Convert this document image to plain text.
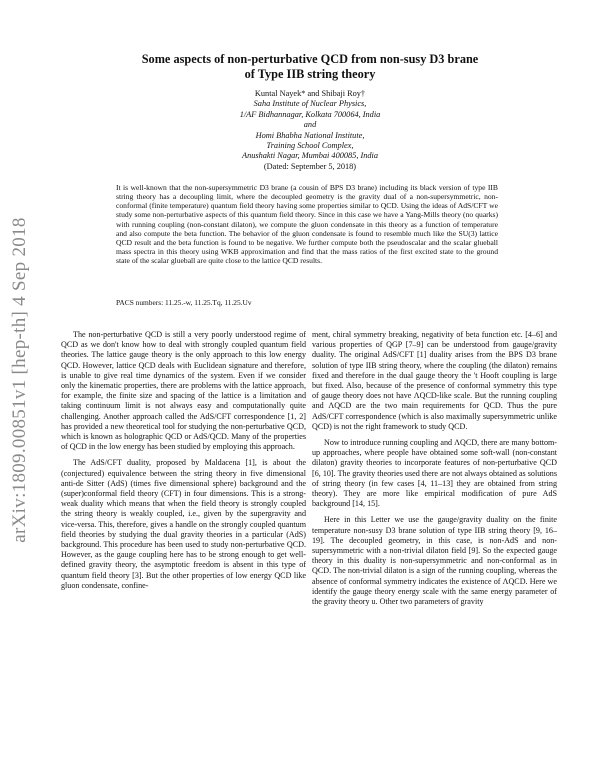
arXiv:1809.00851v1 [hep-th] 4 Sep 2018
Some aspects of non-perturbative QCD from non-susy D3 brane
of Type IIB string theory
Kuntal Nayek* and Shibaji Roy†
Saha Institute of Nuclear Physics,
1/AF Bidhannagar, Kolkata 700064, India
and
Homi Bhabha National Institute,
Training School Complex,
Anushakti Nagar, Mumbai 400085, India
(Dated: September 5, 2018)
It is well-known that the non-supersymmetric D3 brane (a cousin of BPS D3 brane) including its black version of type IIB string theory has a decoupling limit, where the decoupled geometry is the gravity dual of a non-supersymmetric, non-conformal (finite temperature) quantum field theory having some properties similar to QCD. Using the ideas of AdS/CFT we study some non-perturbative aspects of this quantum field theory. Since in this case we have a Yang-Mills theory (no quarks) with running coupling (non-constant dilaton), we compute the gluon condensate in this theory as a function of temperature and also compute the beta function. The behavior of the gluon condensate is found to resemble much like the SU(3) lattice QCD result and the beta function is found to be negative. We further compute both the pseudoscalar and the scalar glueball mass spectra in this theory using WKB approximation and find that the mass ratios of the first excited state to the ground state of the scalar glueball are quite close to the lattice QCD results.
PACS numbers: 11.25.-w, 11.25.Tq, 11.25.Uv

The non-perturbative QCD is still a very poorly understood regime of QCD as we don't know how to deal with strongly coupled quantum field theories. The lattice gauge theory is the only approach to this low energy QCD. However, lattice QCD deals with Euclidean signature and therefore, is unable to give real time dynamics of the system. Even if we consider only the kinematic properties, there are problems with the lattice approach, for example, the finite size and spacing of the lattice is a limitation and taking continuum limit is not always easy and computationally quite challenging. Another approach called the AdS/CFT correspondence [1, 2] has provided a new theoretical tool for studying the non-perturbative QCD, which is known as holographic QCD or AdS/QCD. Many of the properties of QCD in the low energy has been studied by employing this approach.

The AdS/CFT duality, proposed by Maldacena [1], is about the (conjectured) equivalence between the string theory in five dimensional anti-de Sitter (AdS) (times five dimensional sphere) background and the (super)conformal field theory (CFT) in four dimensions. This is a strong-weak duality which means that when the field theory is strongly coupled the string theory is weakly coupled, i.e., given by the supergravity and vice-versa. This, therefore, gives a handle on the strongly coupled quantum field theories by studying the dual gravity theories in a particular (AdS) background. This procedure has been used to study non-perturbative QCD. However, as the gauge coupling here has to be strong enough to get well-defined gravity theory, the asymptotic freedom is absent in this type of quantum field theory [3]. But the other properties of low energy QCD like gluon condensate, confine-

ment, chiral symmetry breaking, negativity of beta function etc. [4–6] and various properties of QGP [7–9] can be understood from gauge/gravity duality. The original AdS/CFT [1] duality arises from the BPS D3 brane solution of type IIB string theory, where the coupling (the dilaton) remains fixed and therefore in the dual gauge theory the 't Hooft coupling is large but fixed. Also, because of the presence of conformal symmetry this type of gauge theory does not have ΛQCD-like scale. But the running coupling and ΛQCD are the two main requirements for QCD. Thus the pure AdS/CFT correspondence (which is also maximally supersymmetric unlike QCD) is not the right framework to study QCD.

Now to introduce running coupling and ΛQCD, there are many bottom-up approaches, where people have obtained some soft-wall (non-constant dilaton) gravity theories to incorporate features of non-perturbative QCD [6, 10]. The gravity theories used there are not always obtained as solutions of string theory (in few cases [4, 11–13] they are obtained from string theory). They are more like empirical modification of pure AdS background [14, 15].

Here in this Letter we use the gauge/gravity duality on the finite temperature non-susy D3 brane solution of type IIB string theory [9, 16–19]. The decoupled geometry, in this case, is non-AdS and non-supersymmetric with a non-trivial dilaton field [9]. So the expected gauge theory in this duality is non-supersymmetric and non-conformal as in QCD. The non-trivial dilaton is a sign of the running coupling, whereas the absence of conformal symmetry indicates the existence of ΛQCD. Here we identify the gauge theory energy scale with the same energy parameter of the gravity theory u. Other two parameters of gravity
